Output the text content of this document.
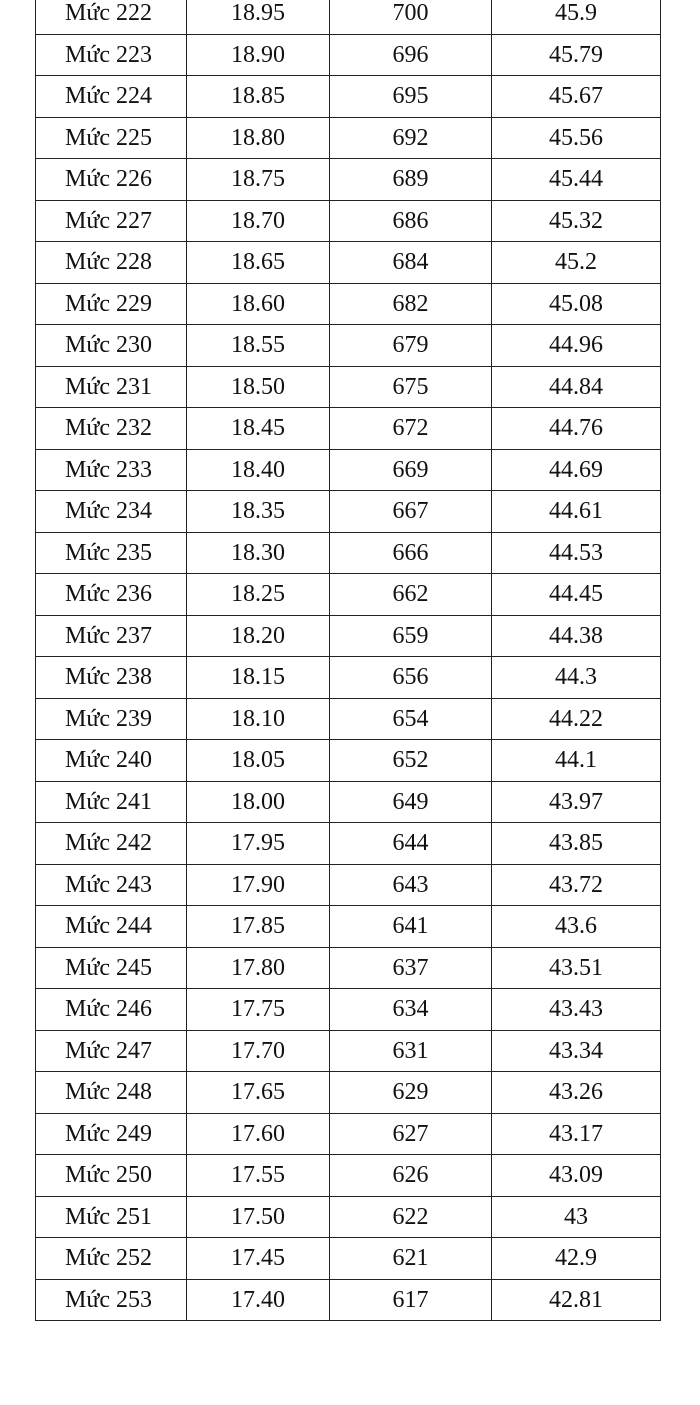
Mức 222	18.95	700	45.9
Mức 223	18.90	696	45.79
Mức 224	18.85	695	45.67
Mức 225	18.80	692	45.56
Mức 226	18.75	689	45.44
Mức 227	18.70	686	45.32
Mức 228	18.65	684	45.2
Mức 229	18.60	682	45.08
Mức 230	18.55	679	44.96
Mức 231	18.50	675	44.84
Mức 232	18.45	672	44.76
Mức 233	18.40	669	44.69
Mức 234	18.35	667	44.61
Mức 235	18.30	666	44.53
Mức 236	18.25	662	44.45
Mức 237	18.20	659	44.38
Mức 238	18.15	656	44.3
Mức 239	18.10	654	44.22
Mức 240	18.05	652	44.1
Mức 241	18.00	649	43.97
Mức 242	17.95	644	43.85
Mức 243	17.90	643	43.72
Mức 244	17.85	641	43.6
Mức 245	17.80	637	43.51
Mức 246	17.75	634	43.43
Mức 247	17.70	631	43.34
Mức 248	17.65	629	43.26
Mức 249	17.60	627	43.17
Mức 250	17.55	626	43.09
Mức 251	17.50	622	43
Mức 252	17.45	621	42.9
Mức 253	17.40	617	42.81
